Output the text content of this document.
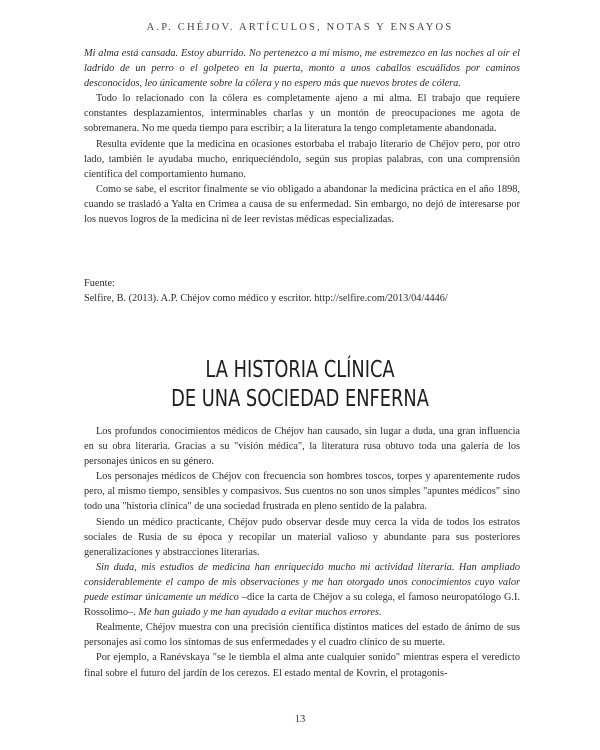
A.P. CHÉJOV. ARTÍCULOS, NOTAS Y ENSAYOS

Mi alma está cansada. Estoy aburrido. No pertenezco a mí mismo, me estremezco en las noches al oír el ladrido de un perro o el golpeteo en la puerta, monto a unos caballos escuálidos por caminos desconocidos, leo únicamente sobre la cólera y no espero más que nuevos brotes de cólera.

Todo lo relacionado con la cólera es completamente ajeno a mi alma. El trabajo que requiere constantes desplazamientos, interminables charlas y un montón de preocupaciones me agota de sobremanera. No me queda tiempo para escribir; a la literatura la tengo completamente abandonada.

Resulta evidente que la medicina en ocasiones estorbaba el trabajo literario de Chéjov pero, por otro lado, también le ayudaba mucho, enriqueciéndolo, según sus propias palabras, con una comprensión científica del comportamiento humano.

Como se sabe, el escritor finalmente se vio obligado a abandonar la medicina práctica en el año 1898, cuando se trasladó a Yalta en Crimea a causa de su enfermedad. Sin embargo, no dejó de interesarse por los nuevos logros de la medicina ni de leer revistas médicas especializadas.

Fuente:

Selfire, B. (2013). A.P. Chéjov como médico y escritor. http://selfire.com/2013/04/4446/

LA HISTORIA CLÍNICA
DE UNA SOCIEDAD ENFERNA

Los profundos conocimientos médicos de Chéjov han causado, sin lugar a duda, una gran influencia en su obra literaria. Gracias a su "visión médica", la literatura rusa obtuvo toda una galería de los personajes únicos en su género.

Los personajes médicos de Chéjov con frecuencia son hombres toscos, torpes y aparentemente rudos pero, al mismo tiempo, sensibles y compasivos. Sus cuentos no son unos simples "apuntes médicos" sino todo una "historia clínica" de una sociedad frustrada en pleno sentido de la palabra.

Siendo un médico practicante, Chéjov pudo observar desde muy cerca la vida de todos los estratos sociales de Rusia de su época y recopilar un material valioso y abundante para sus posteriores generalizaciones y abstracciones literarias.

Sin duda, mis estudios de medicina han enriquecido mucho mi actividad literaria. Han ampliado considerablemente el campo de mis observaciones y me han otorgado unos conocimientos cuyo valor puede estimar únicamente un médico –dice la carta de Chéjov a su colega, el famoso neuropatólogo G.I. Rossolimo–. Me han guiado y me han ayudado a evitar muchos errores.

Realmente, Chéjov muestra con una precisión científica distintos matices del estado de ánimo de sus personajes así como los síntomas de sus enfermedades y el cuadro clínico de su muerte.

Por ejemplo, a Ranévskaya "se le tiembla el alma ante cualquier sonido" mientras espera el veredicto final sobre el futuro del jardín de los cerezos. El estado mental de Kovrin, el protagonis-

13
